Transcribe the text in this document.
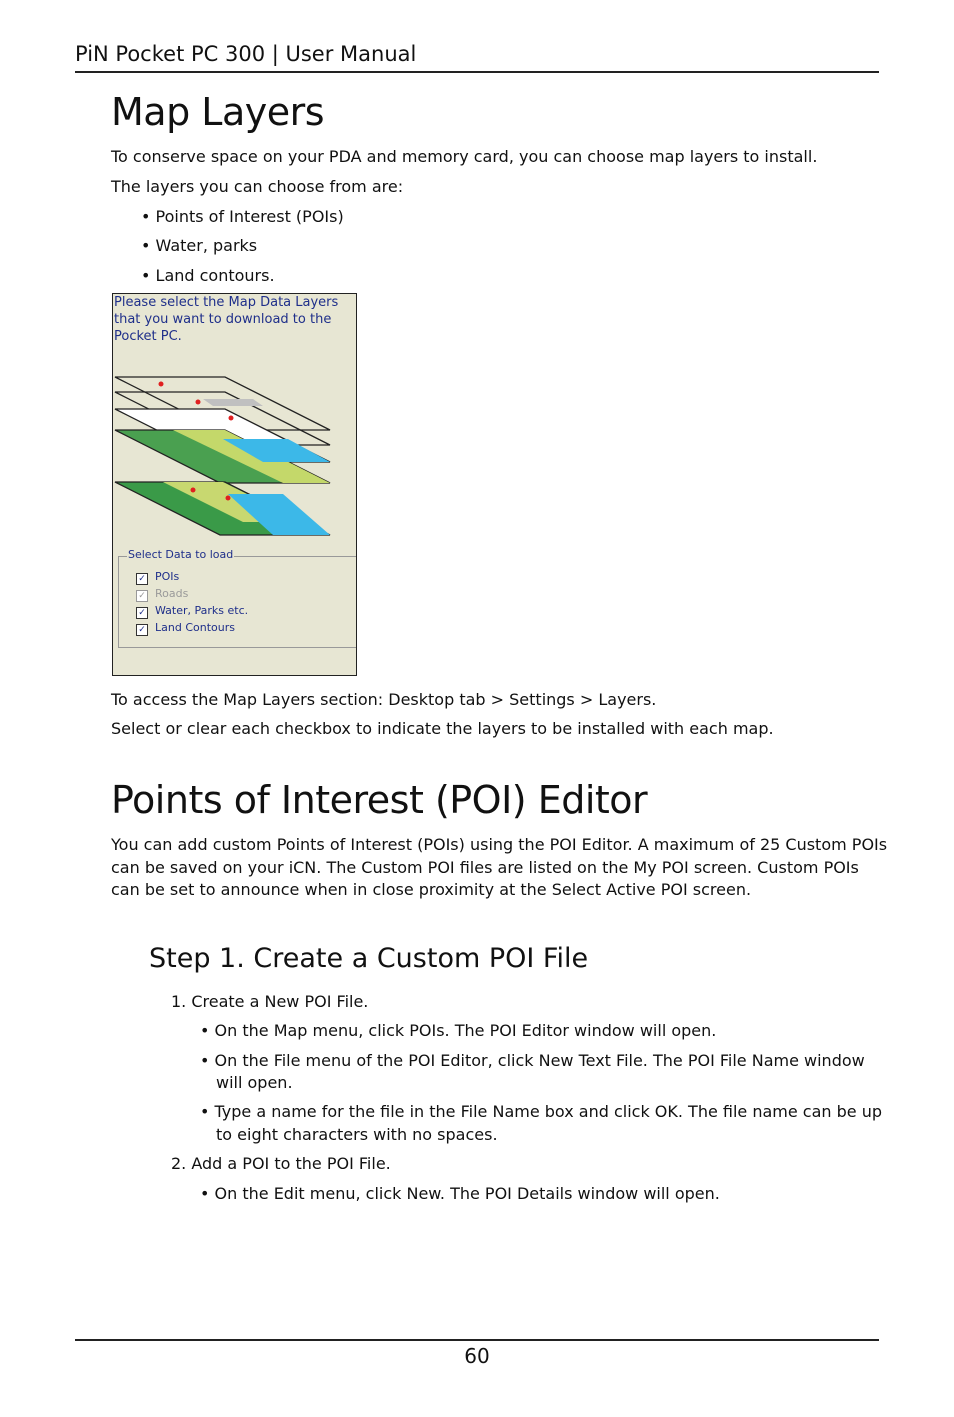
PiN Pocket PC 300 | User Manual
Map Layers

To conserve space on your PDA and memory card, you can choose map layers to install.

The layers you can choose from are:

• Points of Interest (POIs)

• Water, parks

• Land contours.

Please select the Map Data Layers that you want to download to the Pocket PC.
Select Data to load
✓ POIs
✓ Roads
✓ Water, Parks etc.
✓ Land Contours

To access the Map Layers section: Desktop tab > Settings > Layers.

Select or clear each checkbox to indicate the layers to be installed with each map.

Points of Interest (POI) Editor

You can add custom Points of Interest (POIs) using the POI Editor. A maximum of 25 Custom POIs

can be saved on your iCN. The Custom POI files are listed on the My POI screen. Custom POIs

can be set to announce when in close proximity at the Select Active POI screen.

Step 1. Create a Custom POI File

1. Create a New POI File.

• On the Map menu, click POIs. The POI Editor window will open.

• On the File menu of the POI Editor, click New Text File. The POI File Name window

will open.

• Type a name for the file in the File Name box and click OK. The file name can be up

to eight characters with no spaces.

2. Add a POI to the POI File.

• On the Edit menu, click New. The POI Details window will open.

60
